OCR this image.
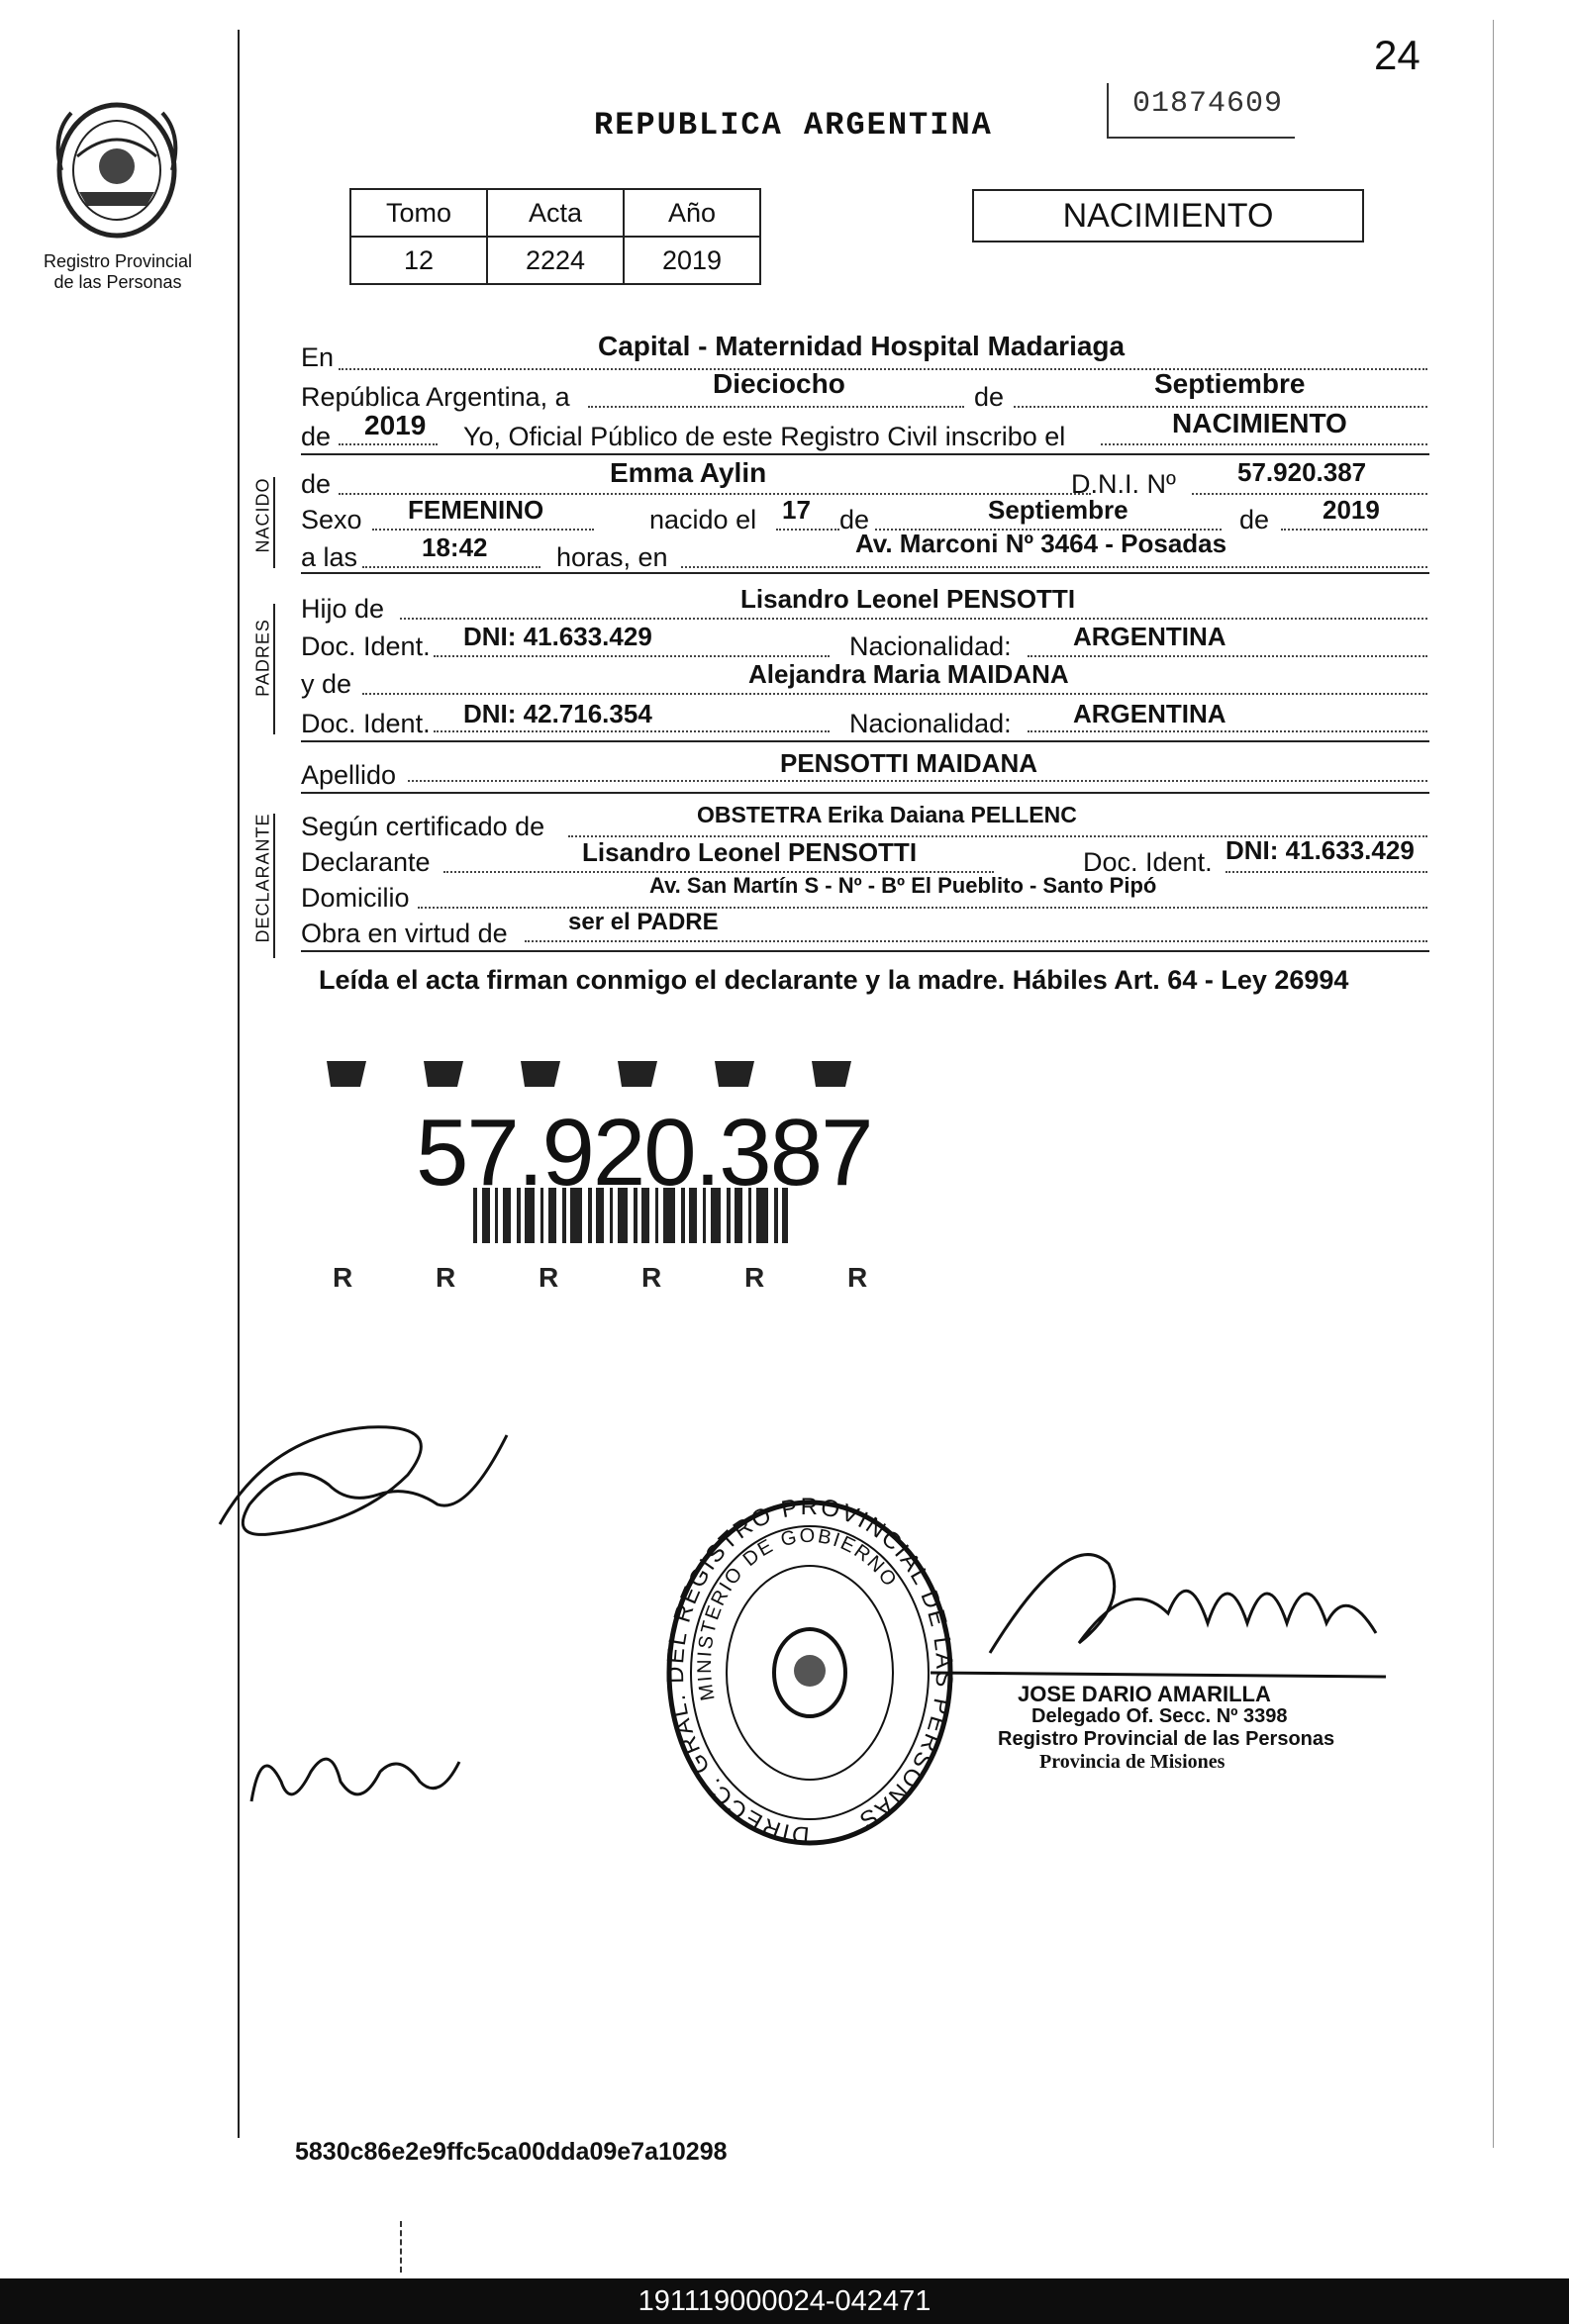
24
Registro Provincial
de las Personas
REPUBLICA ARGENTINA
01874609
Tomo	Acta	Año
12	2224	2019
NACIMIENTO
En	Capital - Maternidad Hospital Madariaga
República Argentina, a	Dieciocho	de	Septiembre
de 2019 Yo, Oficial Público de este Registro Civil inscribo el	NACIMIENTO
NACIDO de	Emma Aylin	D.N.I. Nº 57.920.387
Sexo FEMENINO	nacido el 17 de	Septiembre	de 2019
a las 18:42	horas, en	Av. Marconi Nº 3464 - Posadas
PADRES
Hijo de	Lisandro Leonel PENSOTTI
Doc. Ident. DNI: 41.633.429	Nacionalidad: ARGENTINA
y de	Alejandra Maria MAIDANA
Doc. Ident. DNI: 42.716.354	Nacionalidad: ARGENTINA
Apellido	PENSOTTI MAIDANA
DECLARANTE Según certificado de	OBSTETRA Erika Daiana PELLENC
Declarante	Lisandro Leonel PENSOTTI	Doc. Ident. DNI: 41.633.429
Domicilio	Av. San Martín S - Nº - Bº El Pueblito - Santo Pipó
Obra en virtud de	ser el PADRE
Leída el acta firman conmigo el declarante y la madre. Hábiles Art. 64 - Ley 26994
R	R	R	R	R	R
57.920.387
DIRECC. GRAL. DEL REGISTRO PROVINCIAL DE LAS PERSONAS
MINISTERIO DE GOBIERNO
JOSE DARIO AMARILLA
Delegado Of. Secc. Nº 3398
Registro Provincial de las Personas
Provincia de Misiones
5830c86e2e9ffc5ca00dda09e7a10298
191119000024-042471
